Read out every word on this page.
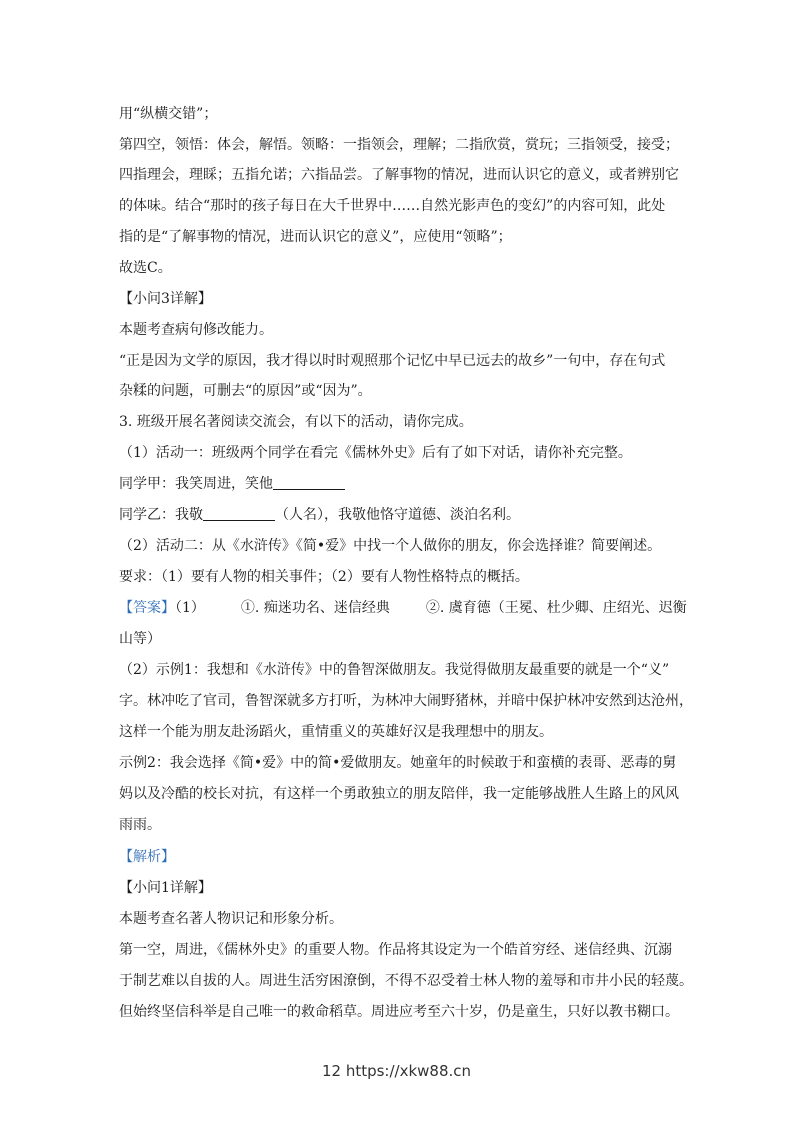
用“纵横交错”；
第四空，领悟：体会，解悟。领略：一指领会，理解；二指欣赏，赏玩；三指领受，接受；
四指理会，理睬；五指允诺；六指品尝。了解事物的情况，进而认识它的意义，或者辨别它
的体味。结合“那时的孩子每日在大千世界中……自然光影声色的变幻”的内容可知，此处
指的是“了解事物的情况，进而认识它的意义”，应使用“领略”；
故选C。
【小问3详解】
本题考查病句修改能力。
“正是因为文学的原因，我才得以时时观照那个记忆中早已远去的故乡”一句中，存在句式
杂糅的问题，可删去“的原因”或“因为”。
3. 班级开展名著阅读交流会，有以下的活动，请你完成。
（1）活动一：班级两个同学在看完《儒林外史》后有了如下对话，请你补充完整。
同学甲：我笑周进，笑他
同学乙：我敬	（人名），我敬他恪守道德、淡泊名利。
（2）活动二：从《水浒传》《简•爱》中找一个人做你的朋友，你会选择谁？简要阐述。
要求：（1）要有人物的相关事件；（2）要有人物性格特点的概括。
【答案】（1）	①. 痴迷功名、迷信经典	②. 虞育德（王冕、杜少卿、庄绍光、迟衡
山等）
（2）示例1：我想和《水浒传》中的鲁智深做朋友。我觉得做朋友最重要的就是一个“义”
字。林冲吃了官司，鲁智深就多方打听，为林冲大闹野猪林，并暗中保护林冲安然到达沧州，
这样一个能为朋友赴汤蹈火，重情重义的英雄好汉是我理想中的朋友。
示例2：我会选择《简•爱》中的简•爱做朋友。她童年的时候敢于和蛮横的表哥、恶毒的舅
妈以及冷酷的校长对抗，有这样一个勇敢独立的朋友陪伴，我一定能够战胜人生路上的风风
雨雨。
【解析】
【小问1详解】
本题考查名著人物识记和形象分析。
第一空，周进，《儒林外史》的重要人物。作品将其设定为一个皓首穷经、迷信经典、沉溺
于制艺难以自拔的人。周进生活穷困潦倒，不得不忍受着士林人物的羞辱和市井小民的轻蔑。
但始终坚信科举是自己唯一的救命稻草。周进应考至六十岁，仍是童生，只好以教书糊口。
12 https://xkw88.cn
